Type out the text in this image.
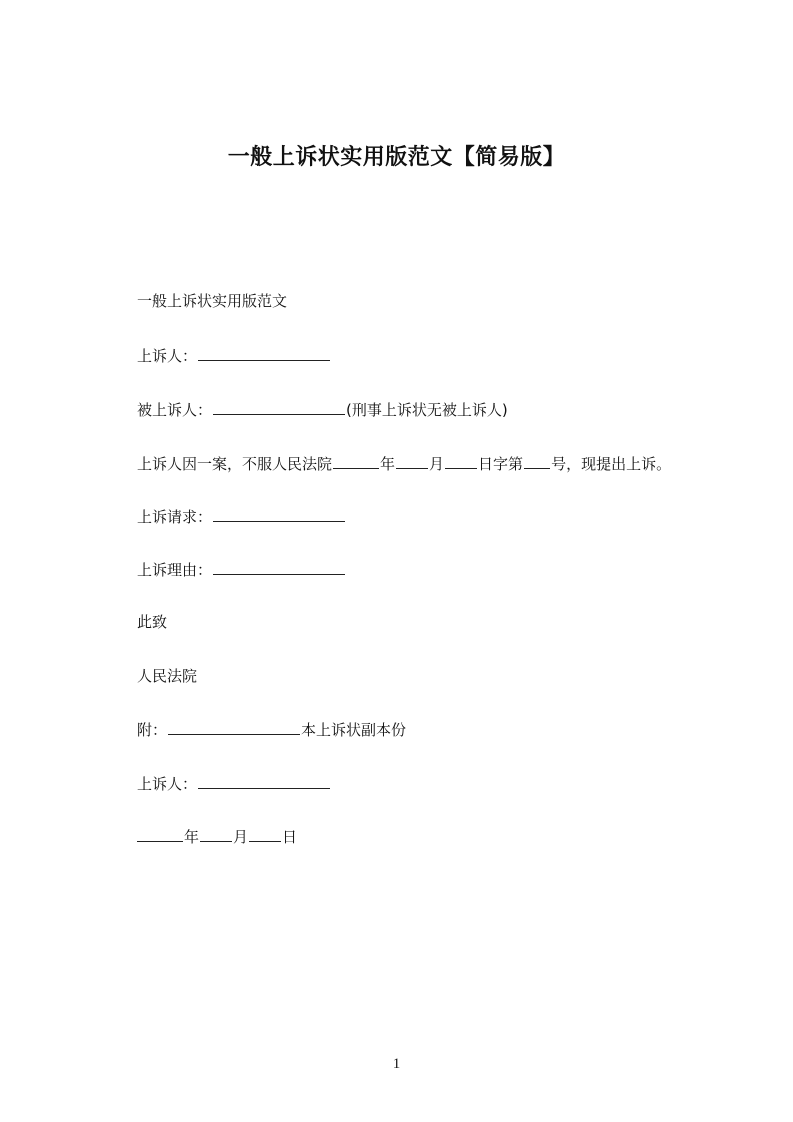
一般上诉状实用版范文【简易版】
一般上诉状实用版范文
上诉人：
被上诉人：	(刑事上诉状无被上诉人)
上诉人因一案，不服人民法院	年 月 日字第 号，现提出上诉。
上诉请求：
上诉理由：
此致
人民法院
附：	本上诉状副本份
上诉人：
年 月 日
1
